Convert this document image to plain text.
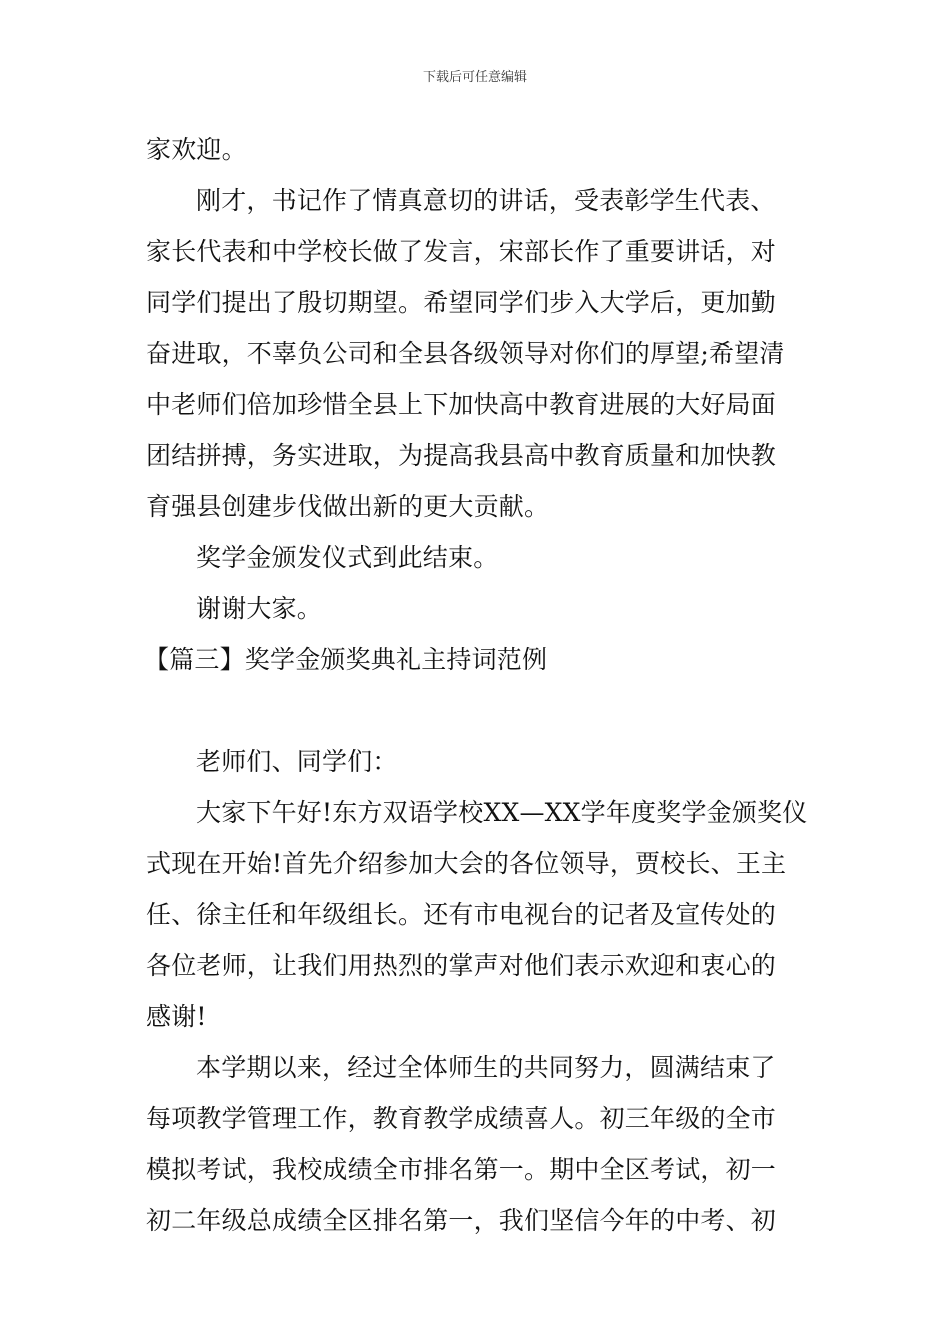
下载后可任意编辑
家欢迎。
刚才，书记作了情真意切的讲话，受表彰学生代表、
家长代表和中学校长做了发言，宋部长作了重要讲话，对
同学们提出了殷切期望。希望同学们步入大学后，更加勤
奋进取，不辜负公司和全县各级领导对你们的厚望;希望清
中老师们倍加珍惜全县上下加快高中教育进展的大好局面
团结拼搏，务实进取，为提高我县高中教育质量和加快教
育强县创建步伐做出新的更大贡献。
奖学金颁发仪式到此结束。
谢谢大家。
【篇三】奖学金颁奖典礼主持词范例
老师们、同学们：
大家下午好!东方双语学校XX—XX学年度奖学金颁奖仪
式现在开始!首先介绍参加大会的各位领导，贾校长、王主
任、徐主任和年级组长。还有市电视台的记者及宣传处的
各位老师，让我们用热烈的掌声对他们表示欢迎和衷心的
感谢!
本学期以来，经过全体师生的共同努力，圆满结束了
每项教学管理工作，教育教学成绩喜人。初三年级的全市
模拟考试，我校成绩全市排名第一。期中全区考试，初一
初二年级总成绩全区排名第一，我们坚信今年的中考、初
